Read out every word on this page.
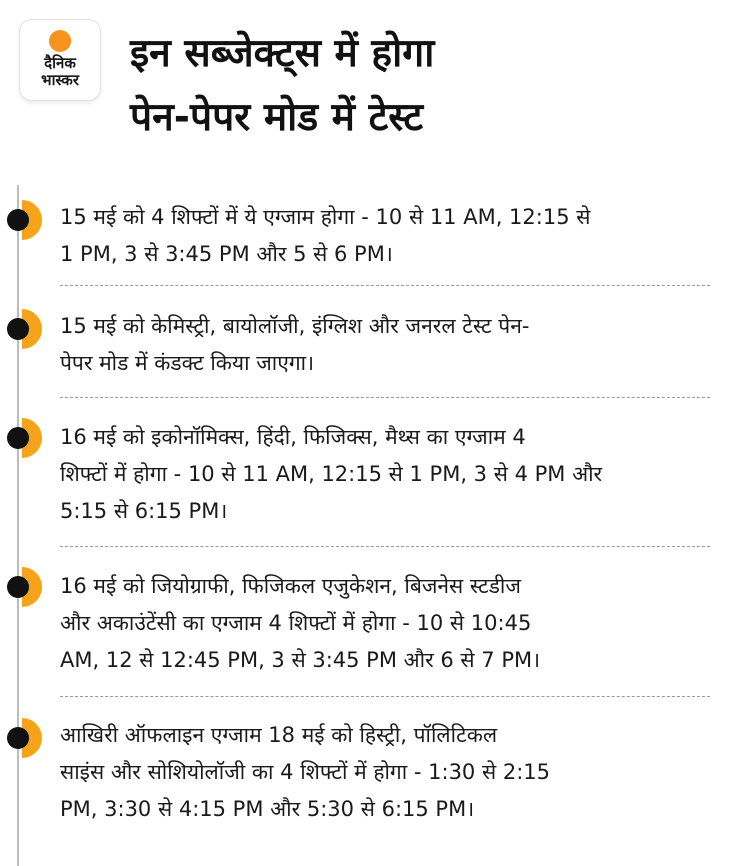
दैनिक
भास्कर
इन सब्जेक्ट्स में होगा
पेन-पेपर मोड में टेस्ट
15 मई को 4 शिफ्टों में ये एग्जाम होगा - 10 से 11 AM, 12:15 से
1 PM, 3 से 3:45 PM और 5 से 6 PM।
15 मई को केमिस्ट्री, बायोलॉजी, इंग्लिश और जनरल टेस्ट पेन-
पेपर मोड में कंडक्ट किया जाएगा।
16 मई को इकोनॉमिक्स, हिंदी, फिजिक्स, मैथ्स का एग्जाम 4
शिफ्टों में होगा - 10 से 11 AM, 12:15 से 1 PM, 3 से 4 PM और
5:15 से 6:15 PM।
16 मई को जियोग्राफी, फिजिकल एजुकेशन, बिजनेस स्टडीज
और अकाउंटेंसी का एग्जाम 4 शिफ्टों में होगा - 10 से 10:45
AM, 12 से 12:45 PM, 3 से 3:45 PM और 6 से 7 PM।
आखिरी ऑफलाइन एग्जाम 18 मई को हिस्ट्री, पॉलिटिकल
साइंस और सोशियोलॉजी का 4 शिफ्टों में होगा - 1:30 से 2:15
PM, 3:30 से 4:15 PM और 5:30 से 6:15 PM।
